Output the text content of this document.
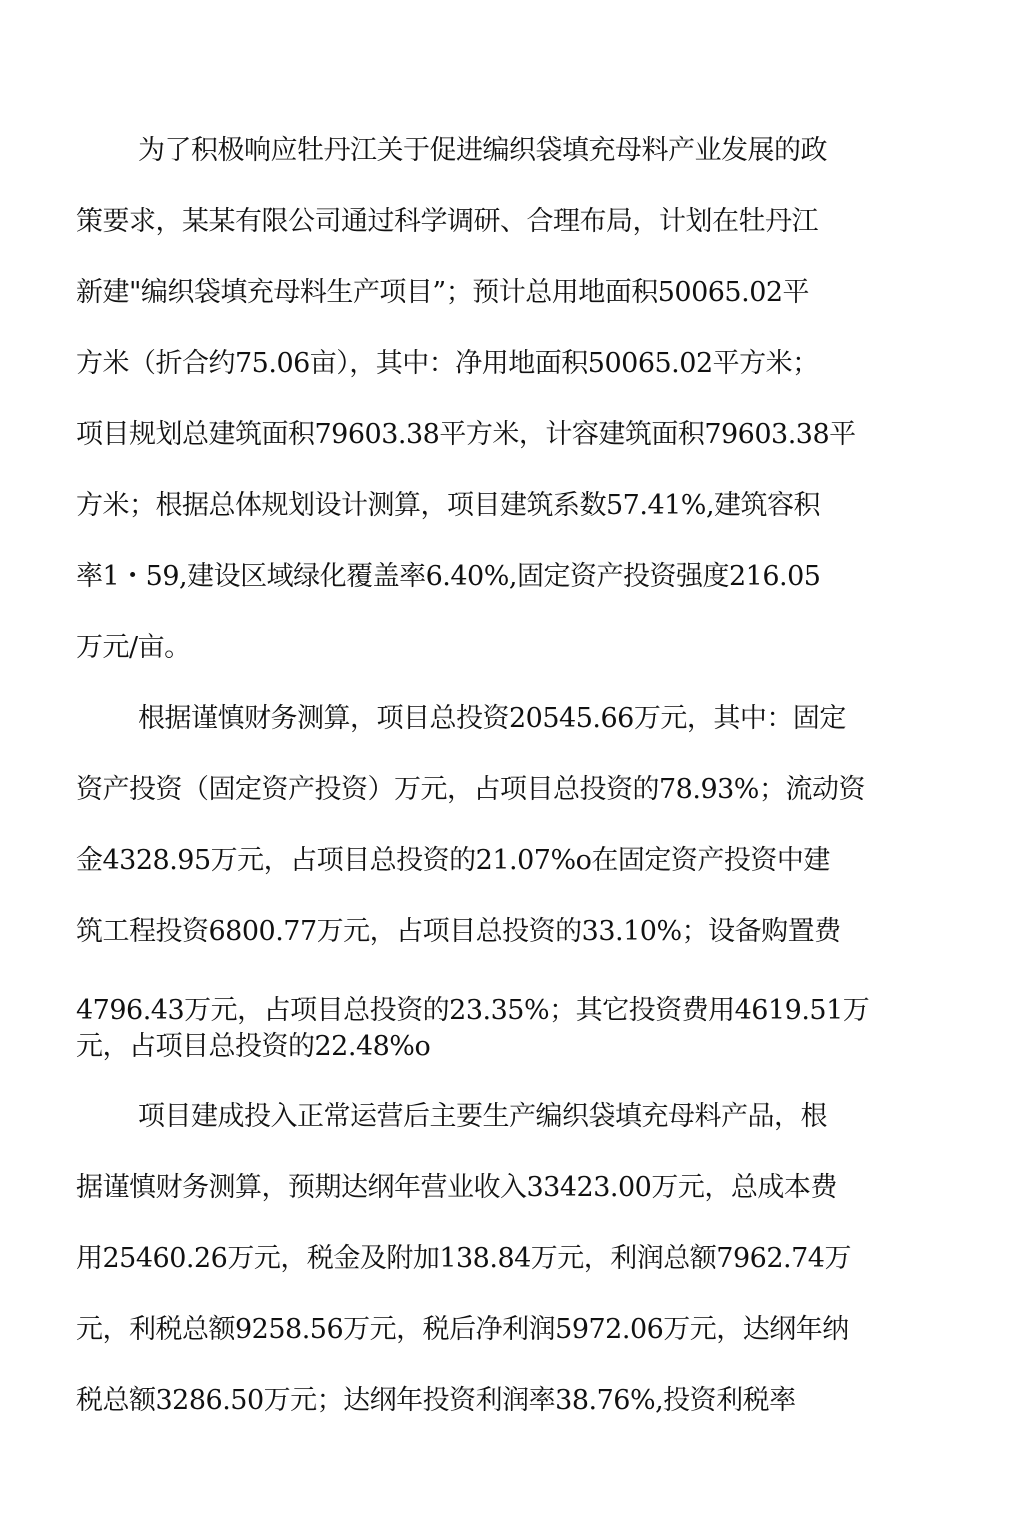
为了积极响应牡丹江关于促进编织袋填充母料产业发展的政
策要求，某某有限公司通过科学调研、合理布局，计划在牡丹江
新建"编织袋填充母料生产项目”；预计总用地面积50065.02平
方米（折合约75.06亩），其中：净用地面积50065.02平方米；
项目规划总建筑面积79603.38平方米，计容建筑面积79603.38平
方米；根据总体规划设计测算，项目建筑系数57.41%,建筑容积
率1・59,建设区域绿化覆盖率6.40%,固定资产投资强度216.05
万元/亩。
根据谨慎财务测算，项目总投资20545.66万元，其中：固定
资产投资（固定资产投资）万元，占项目总投资的78.93%；流动资
金4328.95万元，占项目总投资的21.07%o在固定资产投资中建
筑工程投资6800.77万元，占项目总投资的33.10%；设备购置费
4796.43万元，占项目总投资的23.35%；其它投资费用4619.51万
元，占项目总投资的22.48%o
项目建成投入正常运营后主要生产编织袋填充母料产品，根
据谨慎财务测算，预期达纲年营业收入33423.00万元，总成本费
用25460.26万元，税金及附加138.84万元，利润总额7962.74万
元，利税总额9258.56万元，税后净利润5972.06万元，达纲年纳
税总额3286.50万元；达纲年投资利润率38.76%,投资利税率
